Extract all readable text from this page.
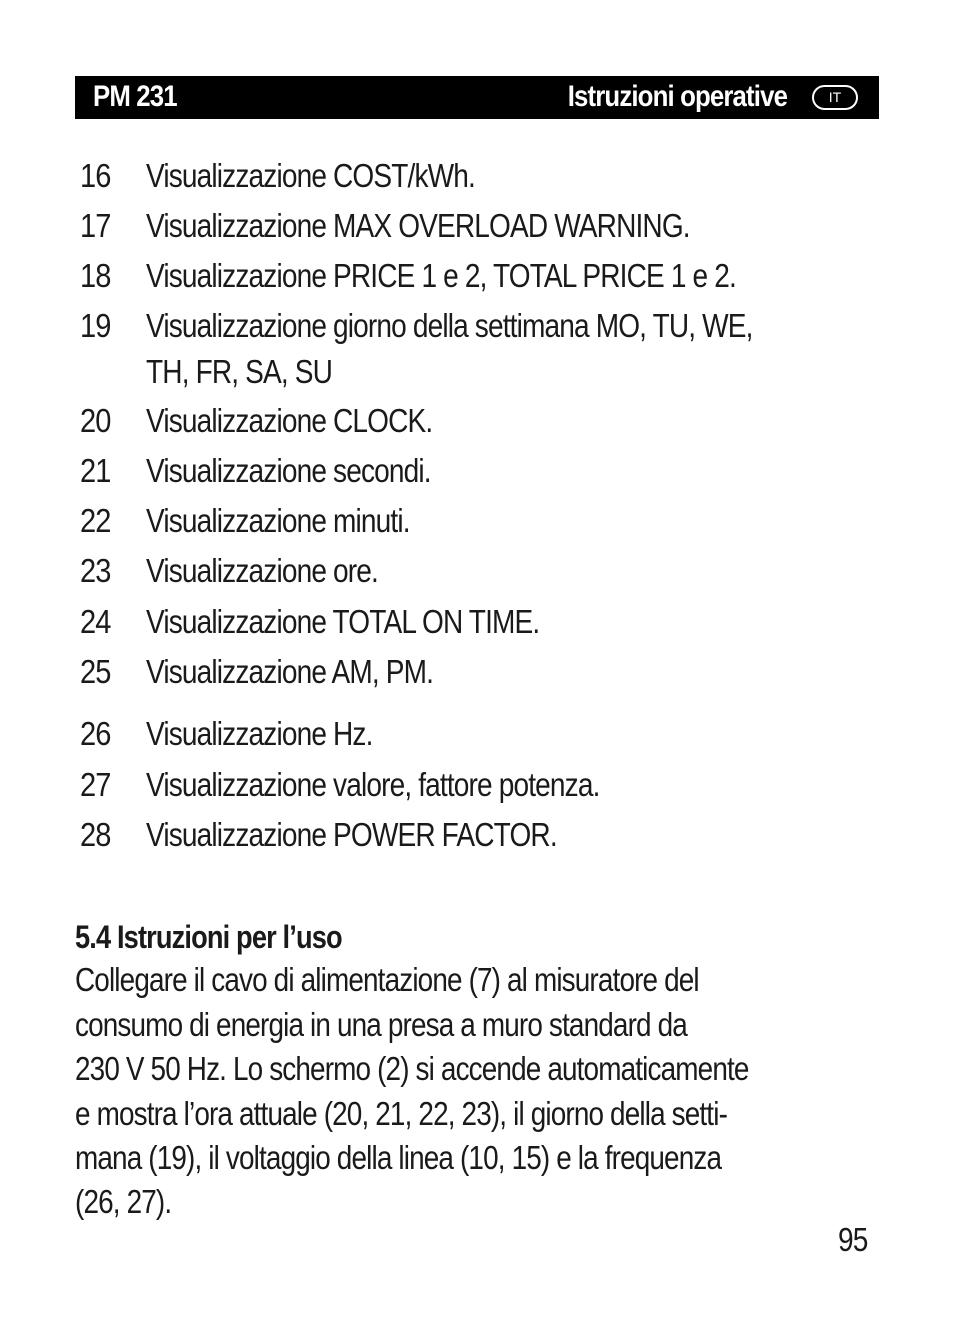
PM 231	Istruzioni operative	IT
16 Visualizzazione COST/kWh.
17 Visualizzazione MAX OVERLOAD WARNING.
18 Visualizzazione PRICE 1 e 2, TOTAL PRICE 1 e 2.
19 Visualizzazione giorno della settimana MO, TU, WE,
TH, FR, SA, SU
20 Visualizzazione CLOCK.
21 Visualizzazione secondi.
22 Visualizzazione minuti.
23 Visualizzazione ore.
24 Visualizzazione TOTAL ON TIME.
25 Visualizzazione AM, PM.
26 Visualizzazione Hz.
27 Visualizzazione valore, fattore potenza.
28 Visualizzazione POWER FACTOR.
5.4 Istruzioni per l’uso
Collegare il cavo di alimentazione (7) al misuratore del
consumo di energia in una presa a muro standard da
230 V 50 Hz. Lo schermo (2) si accende automaticamente
e mostra l’ora attuale (20, 21, 22, 23), il giorno della setti-
mana (19), il voltaggio della linea (10, 15) e la frequenza
(26, 27).
95
